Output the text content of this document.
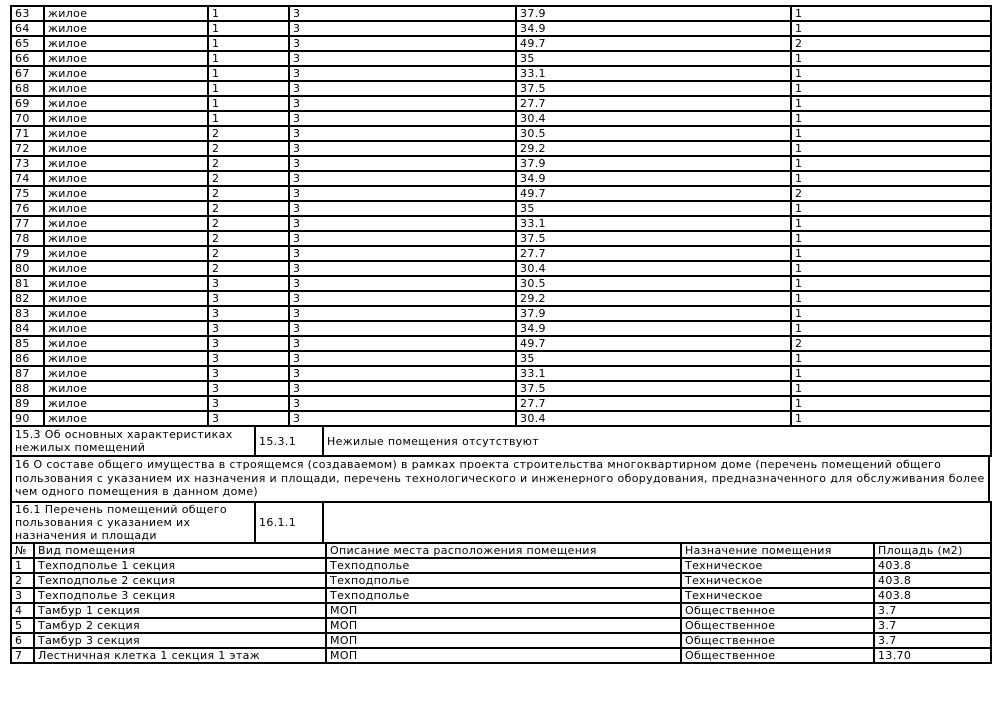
63	жилое	1	3	37.9	1
64	жилое	1	3	34.9	1
65	жилое	1	3	49.7	2
66	жилое	1	3	35	1
67	жилое	1	3	33.1	1
68	жилое	1	3	37.5	1
69	жилое	1	3	27.7	1
70	жилое	1	3	30.4	1
71	жилое	2	3	30.5	1
72	жилое	2	3	29.2	1
73	жилое	2	3	37.9	1
74	жилое	2	3	34.9	1
75	жилое	2	3	49.7	2
76	жилое	2	3	35	1
77	жилое	2	3	33.1	1
78	жилое	2	3	37.5	1
79	жилое	2	3	27.7	1
80	жилое	2	3	30.4	1
81	жилое	3	3	30.5	1
82	жилое	3	3	29.2	1
83	жилое	3	3	37.9	1
84	жилое	3	3	34.9	1
85	жилое	3	3	49.7	2
86	жилое	3	3	35	1
87	жилое	3	3	33.1	1
88	жилое	3	3	37.5	1
89	жилое	3	3	27.7	1
90	жилое	3	3	30.4	1
15.3 Об основных характеристиках нежилых помещений	15.3.1	Нежилые помещения отсутствуют
16 О составе общего имущества в строящемся (создаваемом) в рамках проекта строительства многоквартирном доме (перечень помещений общего пользования с указанием их назначения и площади, перечень технологического и инженерного оборудования, предназначенного для обслуживания более чем одного помещения в данном доме)
16.1 Перечень помещений общего пользования с указанием их назначения и площади	16.1.1	
№	Вид помещения	Описание места расположения помещения	Назначение помещения	Площадь (м2)
1	Техподполье 1 секция	Техподполье	Техническое	403.8
2	Техподполье 2 секция	Техподполье	Техническое	403.8
3	Техподполье 3 секция	Техподполье	Техническое	403.8
4	Тамбур 1 секция	МОП	Общественное	3.7
5	Тамбур 2 секция	МОП	Общественное	3.7
6	Тамбур 3 секция	МОП	Общественное	3.7
7	Лестничная клетка 1 секция 1 этаж	МОП	Общественное	13.70
